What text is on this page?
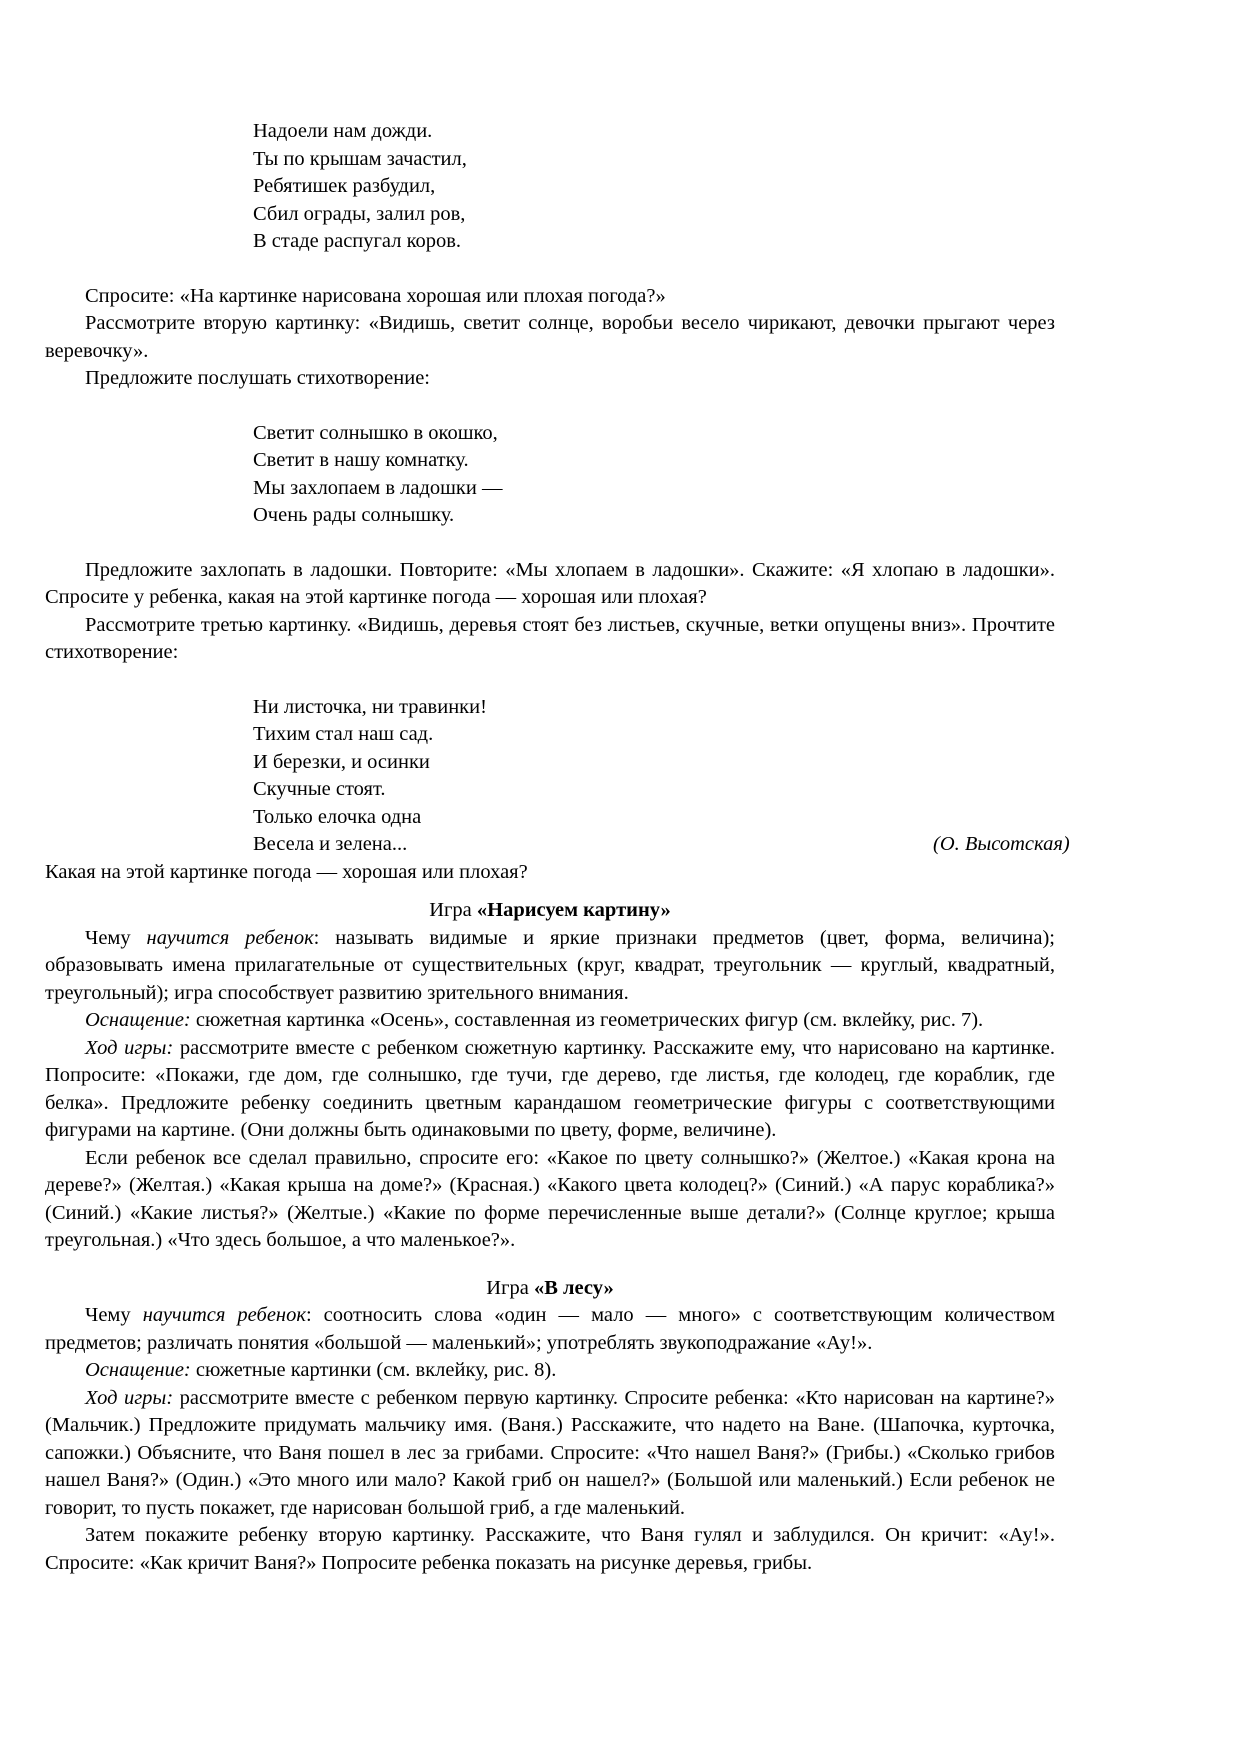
Надоели нам дожди.
Ты по крышам зачастил,
Ребятишек разбудил,
Сбил ограды, залил ров,
В стаде распугал коров.

Спросите: «На картинке нарисована хорошая или плохая погода?»

Рассмотрите вторую картинку: «Видишь, светит солнце, воробьи весело чирикают, девочки прыгают через веревочку».

Предложите послушать стихотворение:

Светит солнышко в окошко,
Светит в нашу комнатку.
Мы захлопаем в ладошки —
Очень рады солнышку.

Предложите захлопать в ладошки. Повторите: «Мы хлопаем в ладошки». Скажите: «Я хлопаю в ладошки». Спросите у ребенка, какая на этой картинке погода — хорошая или плохая?

Рассмотрите третью картинку. «Видишь, деревья стоят без листьев, скучные, ветки опущены вниз». Прочтите стихотворение:

Ни листочка, ни травинки!
Тихим стал наш сад.
И березки, и осинки
Скучные стоят.
Только елочка одна
Весела и зелена...	(О. Высотская)

Какая на этой картинке погода — хорошая или плохая?

Игра «Нарисуем картину»

Чему научится ребенок: называть видимые и яркие признаки предметов (цвет, форма, величина); образовывать имена прилагательные от существительных (круг, квадрат, треугольник — круглый, квадратный, треугольный); игра способствует развитию зрительного внимания.

Оснащение: сюжетная картинка «Осень», составленная из геометрических фигур (см. вклейку, рис. 7).

Ход игры: рассмотрите вместе с ребенком сюжетную картинку. Расскажите ему, что нарисовано на картинке. Попросите: «Покажи, где дом, где солнышко, где тучи, где дерево, где листья, где колодец, где кораблик, где белка». Предложите ребенку соединить цветным карандашом геометрические фигуры с соответствующими фигурами на картине. (Они должны быть одинаковыми по цвету, форме, величине).

Если ребенок все сделал правильно, спросите его: «Какое по цвету солнышко?» (Желтое.) «Какая крона на дереве?» (Желтая.) «Какая крыша на доме?» (Красная.) «Какого цвета колодец?» (Синий.) «А парус кораблика?» (Синий.) «Какие листья?» (Желтые.) «Какие по форме перечисленные выше детали?» (Солнце круглое; крыша треугольная.) «Что здесь большое, а что маленькое?».

Игра «В лесу»

Чему научится ребенок: соотносить слова «один — мало — много» с соответствующим количеством предметов; различать понятия «большой — маленький»; употреблять звукоподражание «Ау!».

Оснащение: сюжетные картинки (см. вклейку, рис. 8).

Ход игры: рассмотрите вместе с ребенком первую картинку. Спросите ребенка: «Кто нарисован на картине?» (Мальчик.) Предложите придумать мальчику имя. (Ваня.) Расскажите, что надето на Ване. (Шапочка, курточка, сапожки.) Объясните, что Ваня пошел в лес за грибами. Спросите: «Что нашел Ваня?» (Грибы.) «Сколько грибов нашел Ваня?» (Один.) «Это много или мало? Какой гриб он нашел?» (Большой или маленький.) Если ребенок не говорит, то пусть покажет, где нарисован большой гриб, а где маленький.

Затем покажите ребенку вторую картинку. Расскажите, что Ваня гулял и заблудился. Он кричит: «Ау!». Спросите: «Как кричит Ваня?» Попросите ребенка показать на рисунке деревья, грибы.
